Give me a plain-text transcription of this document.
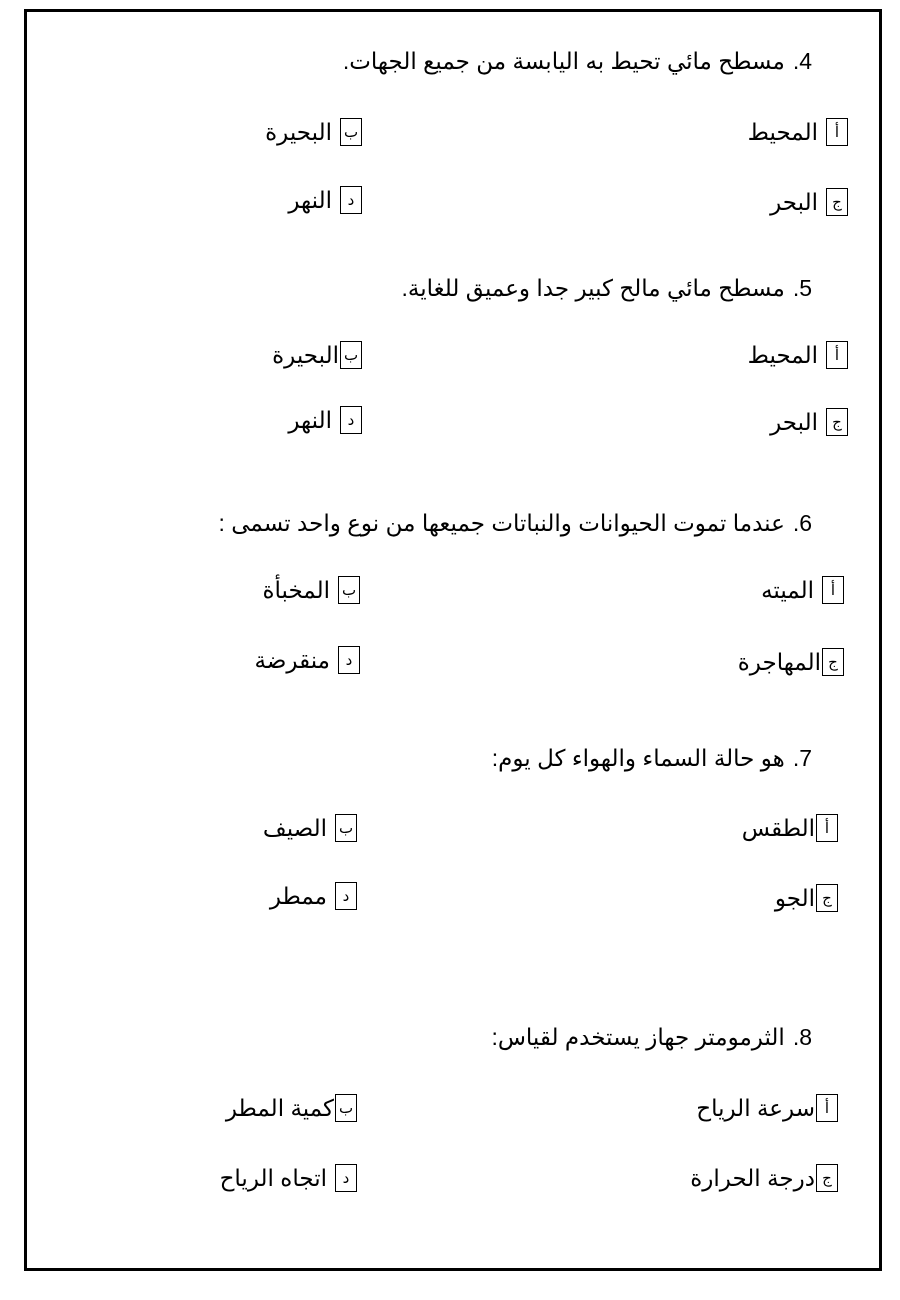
4.مسطح مائي تحيط به اليابسة من جميع الجهات.
أ
المحيط
ب
البحيرة
ج
البحر
د
النهر
5.مسطح مائي مالح كبير جدا وعميق للغاية.
أ
المحيط
ب
البحيرة
ج
البحر
د
النهر
6.عندما تموت الحيوانات والنباتات جميعها من نوع واحد تسمى :
أ
الميته
ب
المخبأة
ج
المهاجرة
د
منقرضة
7.هو حالة السماء والهواء كل يوم:
أ
الطقس
ب
الصيف
ج
الجو
د
ممطر
8.الثرمومتر جهاز يستخدم لقياس:
أ
سرعة الرياح
ب
كمية المطر
ج
درجة الحرارة
د
اتجاه الرياح
